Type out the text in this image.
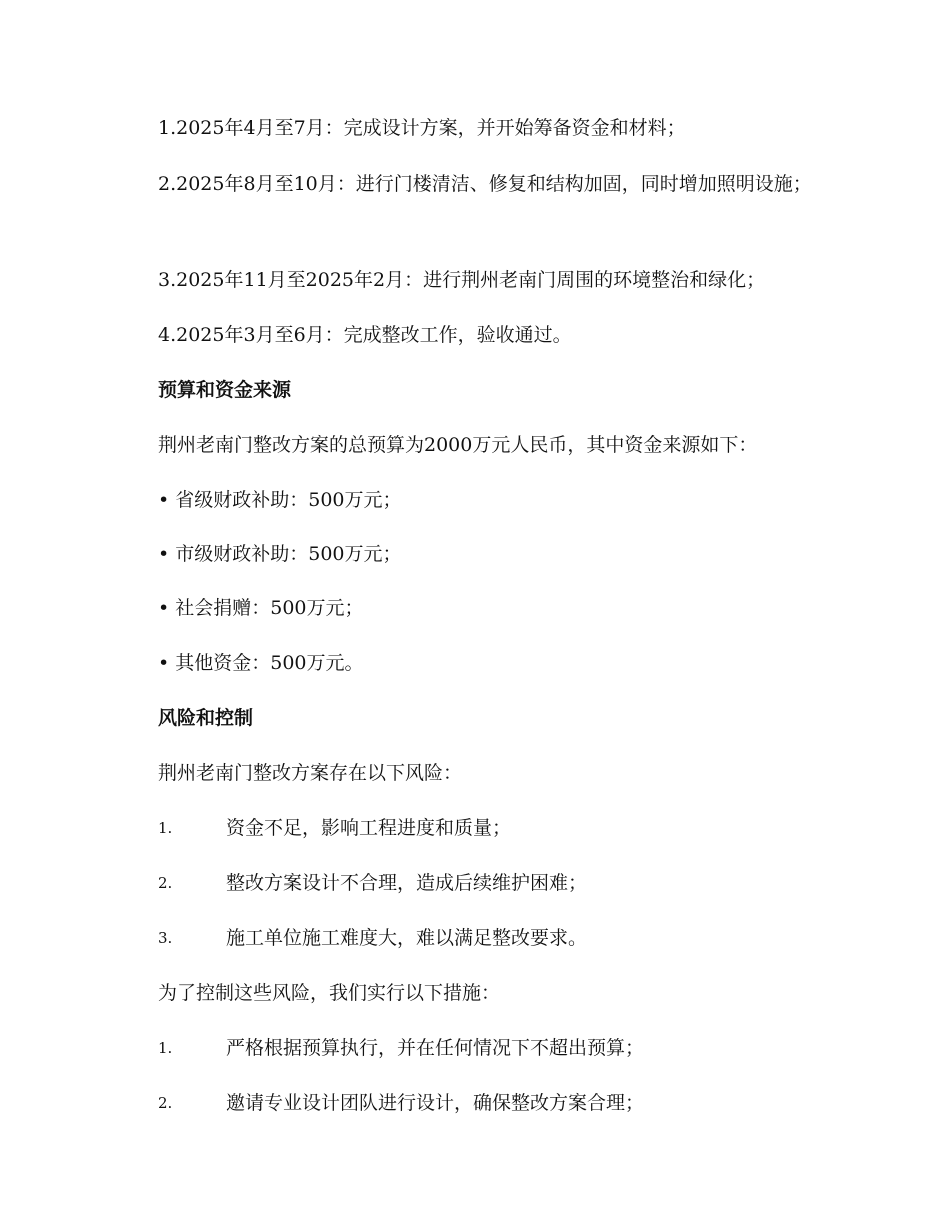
1.2025年4月至7月：完成设计方案，并开始筹备资金和材料；
2.2025年8月至10月：进行门楼清洁、修复和结构加固，同时增加照明设施；
3.2025年11月至2025年2月：进行荆州老南门周围的环境整治和绿化；
4.2025年3月至6月：完成整改工作，验收通过。
预算和资金来源
荆州老南门整改方案的总预算为2000万元人民币，其中资金来源如下：
• 省级财政补助：500万元；
• 市级财政补助：500万元；
• 社会捐赠：500万元；
• 其他资金：500万元。
风险和控制
荆州老南门整改方案存在以下风险：
1.	资金不足，影响工程进度和质量；
2.	整改方案设计不合理，造成后续维护困难；
3.	施工单位施工难度大，难以满足整改要求。
为了控制这些风险，我们实行以下措施：
1.	严格根据预算执行，并在任何情况下不超出预算；
2.	邀请专业设计团队进行设计，确保整改方案合理；
